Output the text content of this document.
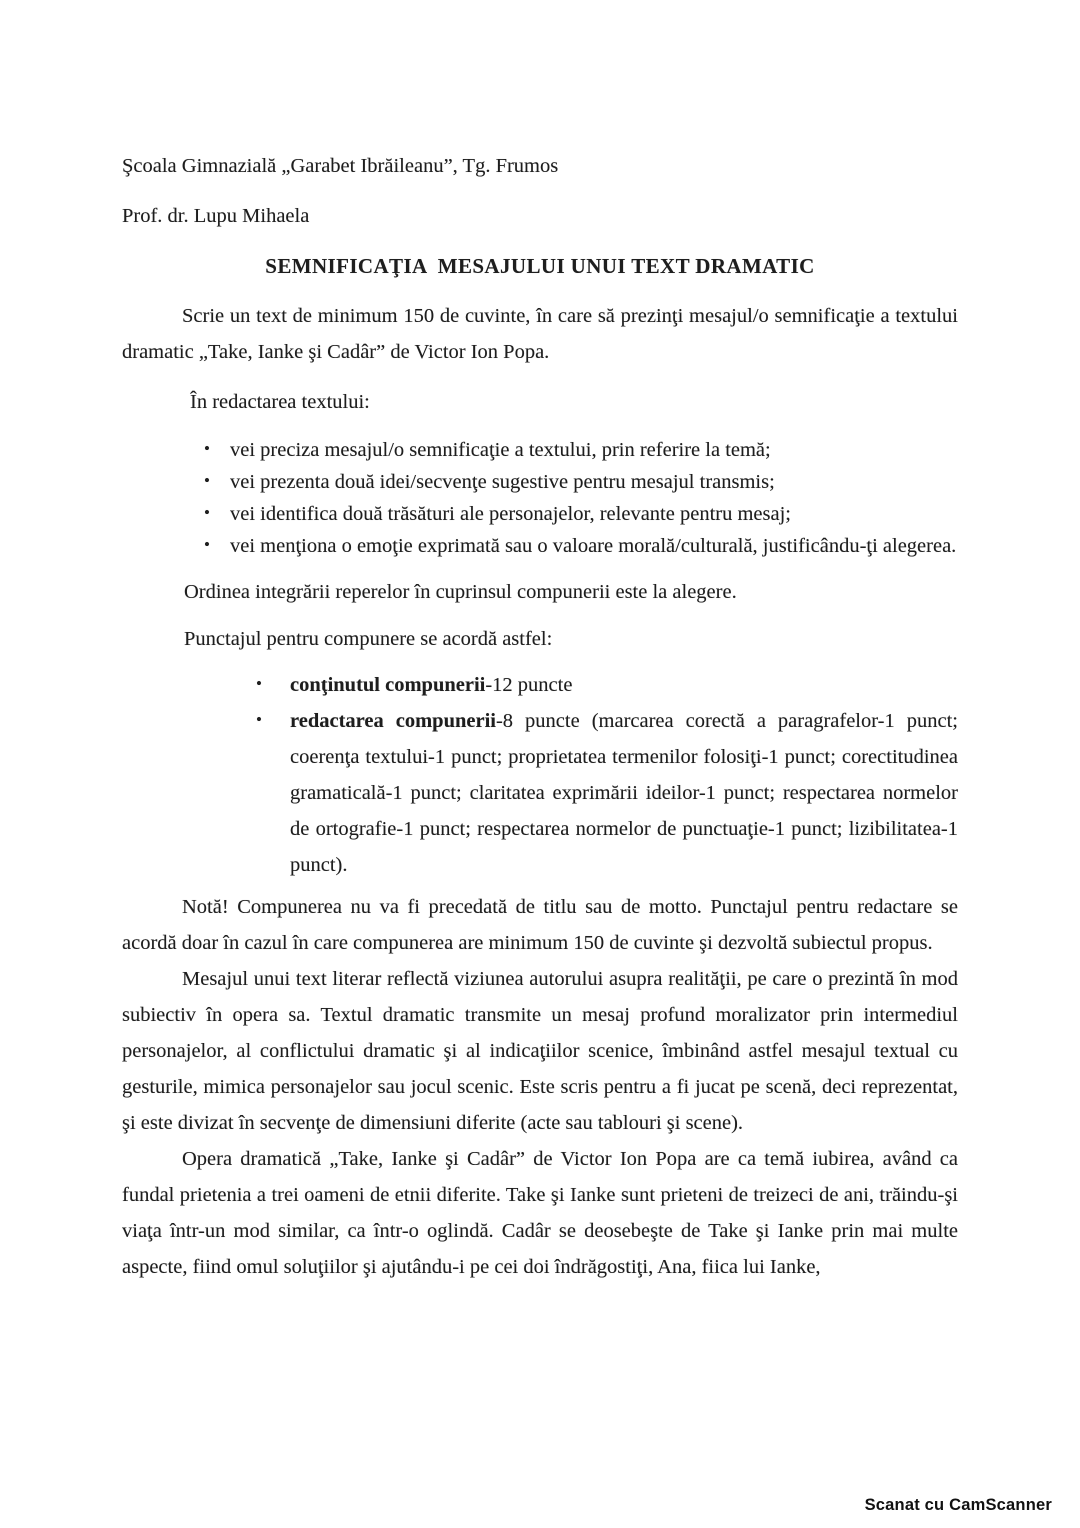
Şcoala Gimnazială „Garabet Ibrăileanu”, Tg. Frumos
Prof. dr. Lupu Mihaela
SEMNIFICAŢIA  MESAJULUI UNUI TEXT DRAMATIC

Scrie un text de minimum 150 de cuvinte, în care să prezinţi mesajul/o semnificaţie a textului dramatic „Take, Ianke şi Cadâr” de Victor Ion Popa.

În redactarea textului:
• vei preciza mesajul/o semnificaţie a textului, prin referire la temă;
• vei prezenta două idei/secvenţe sugestive pentru mesajul transmis;
• vei identifica două trăsături ale personajelor, relevante pentru mesaj;
• vei menţiona o emoţie exprimată sau o valoare morală/culturală, justificându-ţi alegerea.
Ordinea integrării reperelor în cuprinsul compunerii este la alegere.
Punctajul pentru compunere se acordă astfel:
• conţinutul compunerii-12 puncte
• redactarea compunerii-8 puncte (marcarea corectă a paragrafelor-1 punct; coerenţa textului-1 punct; proprietatea termenilor folosiţi-1 punct; corectitudinea gramaticală-1 punct; claritatea exprimării ideilor-1 punct; respectarea normelor de ortografie-1 punct; respectarea normelor de punctuaţie-1 punct; lizibilitatea-1 punct).

Notă! Compunerea nu va fi precedată de titlu sau de motto. Punctajul pentru redactare se acordă doar în cazul în care compunerea are minimum 150 de cuvinte şi dezvoltă subiectul propus.

Mesajul unui text literar reflectă viziunea autorului asupra realităţii, pe care o prezintă în mod subiectiv în opera sa. Textul dramatic transmite un mesaj profund moralizator prin intermediul personajelor, al conflictului dramatic şi al indicaţiilor scenice, îmbinând astfel mesajul textual cu gesturile, mimica personajelor sau jocul scenic. Este scris pentru a fi jucat pe scenă, deci reprezentat, şi este divizat în secvenţe de dimensiuni diferite (acte sau tablouri şi scene).

Opera dramatică „Take, Ianke şi Cadâr” de Victor Ion Popa are ca temă iubirea, având ca fundal prietenia a trei oameni de etnii diferite. Take şi Ianke sunt prieteni de treizeci de ani, trăindu-şi viaţa într-un mod similar, ca într-o oglindă. Cadâr se deosebeşte de Take şi Ianke prin mai multe aspecte, fiind omul soluţiilor şi ajutându-i pe cei doi îndrăgostiţi, Ana, fiica lui Ianke,

Scanat cu CamScanner
